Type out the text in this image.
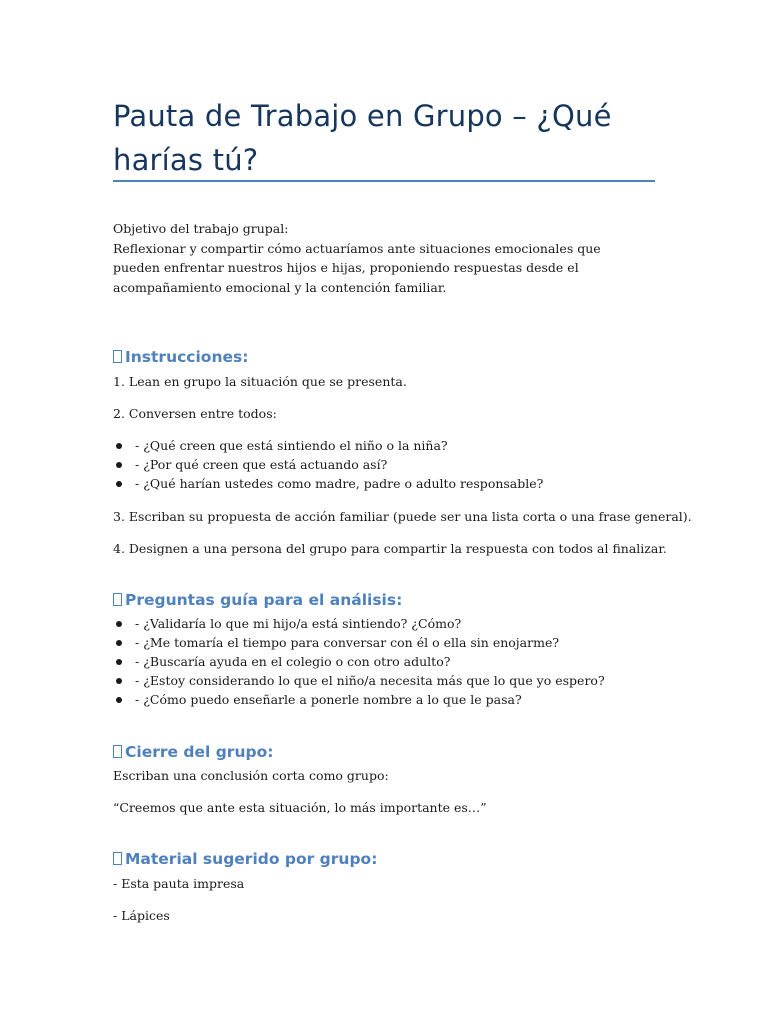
Pauta de Trabajo en Grupo – ¿Qué harías tú?

Objetivo del trabajo grupal:

Reflexionar y compartir cómo actuaríamos ante situaciones emocionales que pueden enfrentar nuestros hijos e hijas, proponiendo respuestas desde el acompañamiento emocional y la contención familiar.

Instrucciones:

1. Lean en grupo la situación que se presenta.

2. Conversen entre todos:

- ¿Qué creen que está sintiendo el niño o la niña?
- ¿Por qué creen que está actuando así?
- ¿Qué harían ustedes como madre, padre o adulto responsable?

3. Escriban su propuesta de acción familiar (puede ser una lista corta o una frase general).

4. Designen a una persona del grupo para compartir la respuesta con todos al finalizar.

Preguntas guía para el análisis:
- ¿Validaría lo que mi hijo/a está sintiendo? ¿Cómo?
- ¿Me tomaría el tiempo para conversar con él o ella sin enojarme?
- ¿Buscaría ayuda en el colegio o con otro adulto?
- ¿Estoy considerando lo que el niño/a necesita más que lo que yo espero?
- ¿Cómo puedo enseñarle a ponerle nombre a lo que le pasa?
Cierre del grupo:

Escriban una conclusión corta como grupo:

“Creemos que ante esta situación, lo más importante es…”

Material sugerido por grupo:

- Esta pauta impresa

- Lápices
